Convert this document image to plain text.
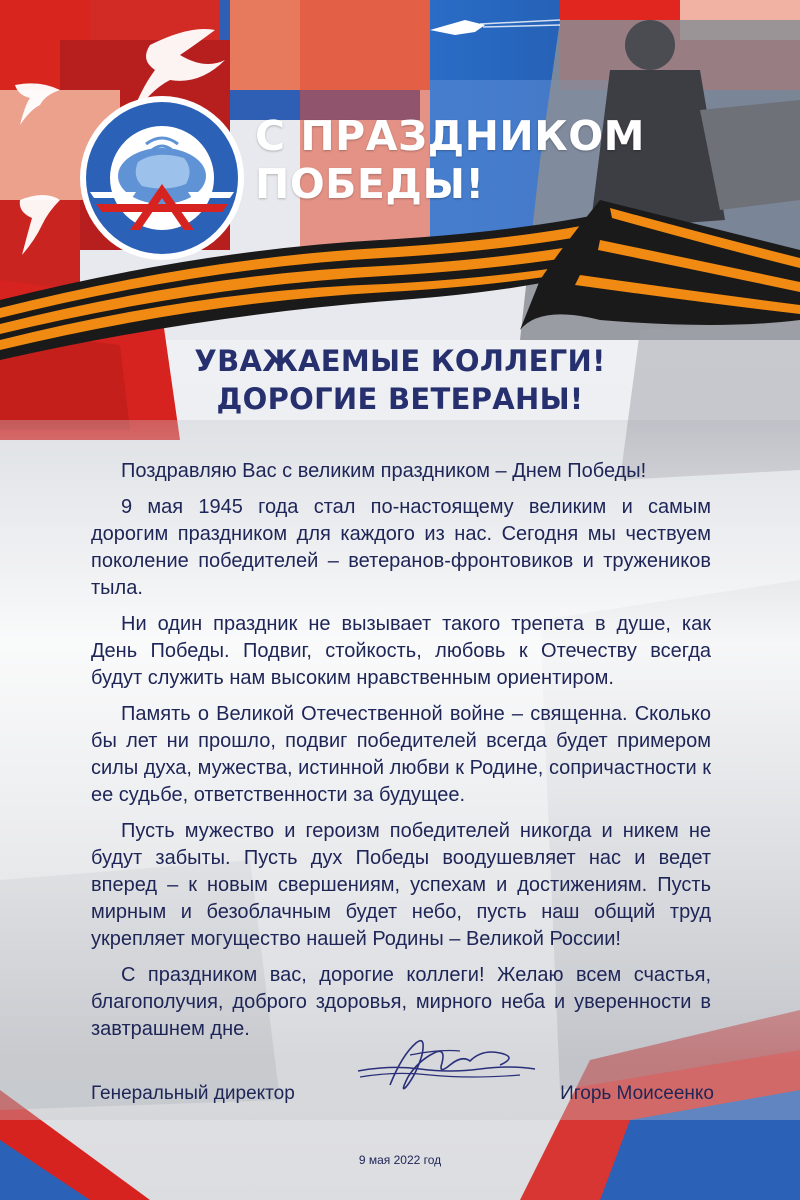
С ПРАЗДНИКОМ
ПОБЕДЫ!
УВАЖАЕМЫЕ КОЛЛЕГИ!
ДОРОГИЕ ВЕТЕРАНЫ!

Поздравляю Вас с великим праздником – Днем Победы!

9 мая 1945 года стал по-настоящему великим и самым дорогим праздником для каждого из нас. Сегодня мы чествуем поколение победителей – ветеранов-фронтовиков и тружеников тыла.

Ни один праздник не вызывает такого трепета в душе, как День Победы. Подвиг, стойкость, любовь к Отечеству всегда будут служить нам высоким нравственным ориентиром.

Память о Великой Отечественной войне – священна. Сколько бы лет ни прошло, подвиг победителей всегда будет примером силы духа, мужества, истинной любви к Родине, сопричастности к ее судьбе, ответственности за будущее.

Пусть мужество и героизм победителей никогда и никем не будут забыты. Пусть дух Победы воодушевляет нас и ведет вперед – к новым свершениям, успехам и достижениям. Пусть мирным и безоблачным будет небо, пусть наш общий труд укрепляет могущество нашей Родины – Великой России!

С праздником вас, дорогие коллеги! Желаю всем счастья, благополучия, доброго здоровья, мирного неба и уверенности в завтрашнем дне.

Генеральный директор	Игорь Моисеенко
9 мая 2022 год
